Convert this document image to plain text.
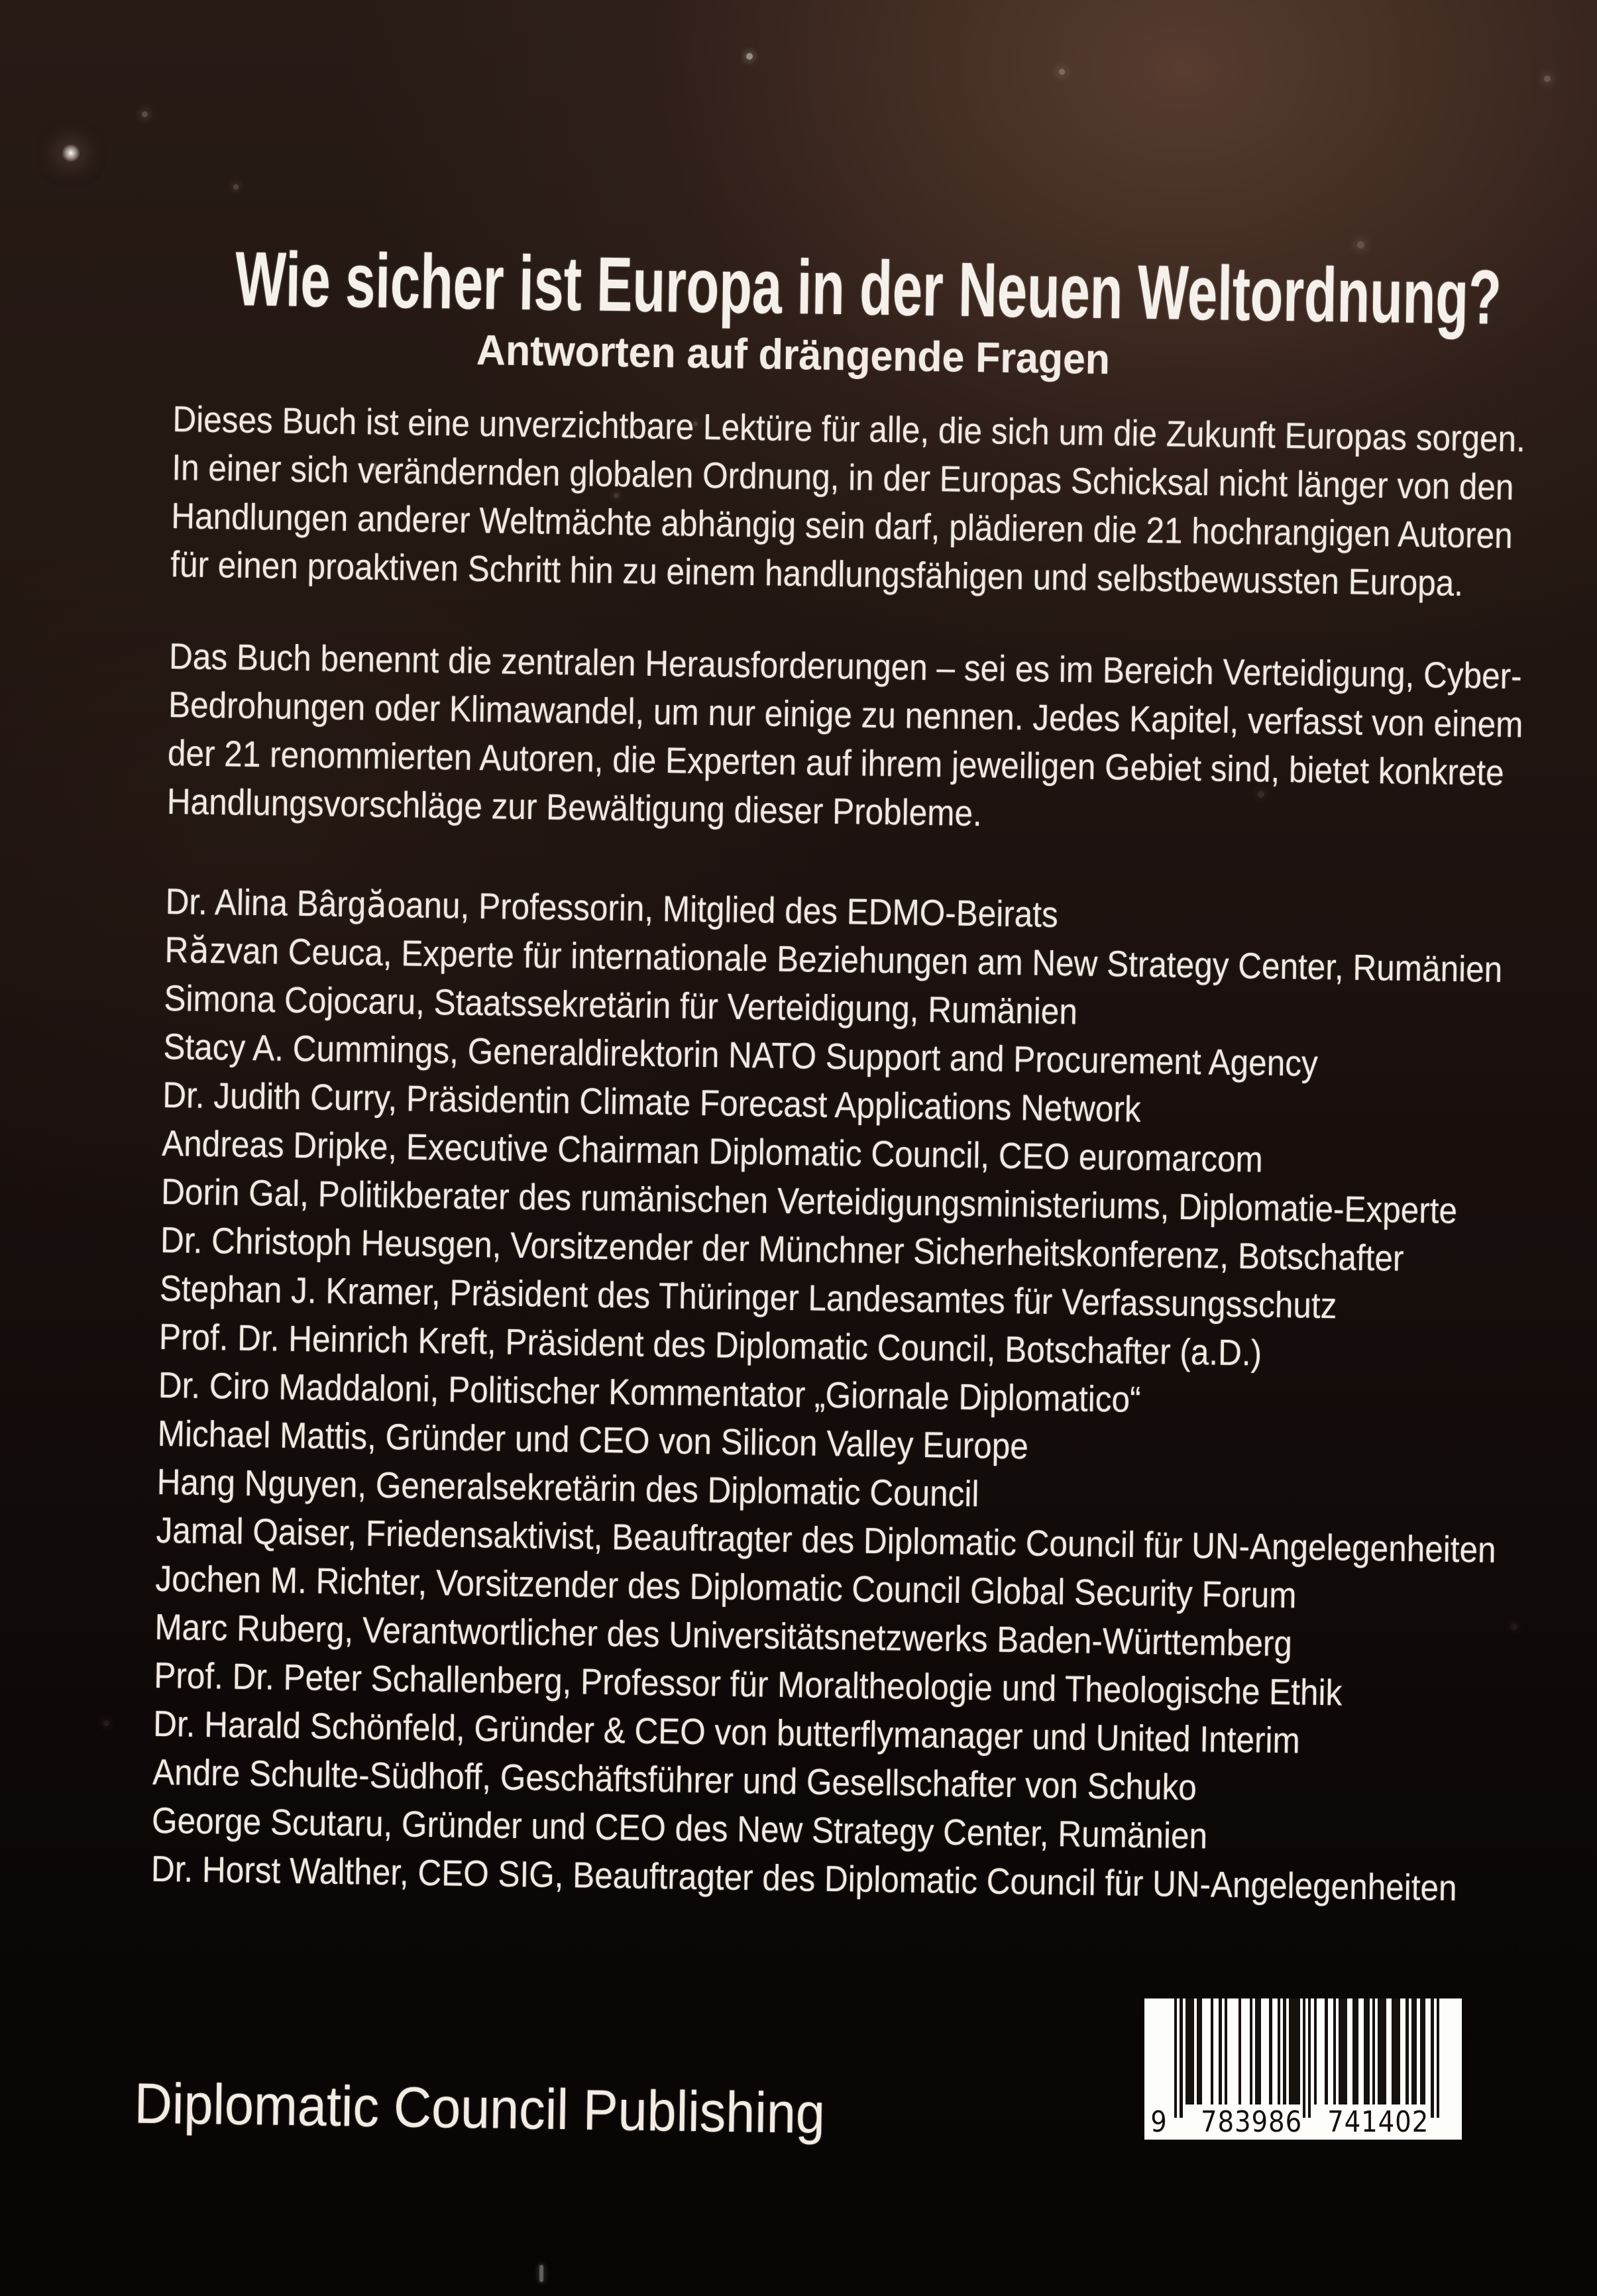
Wie sicher ist Europa in der Neuen Weltordnung?
Antworten auf drängende Fragen
Dieses Buch ist eine unverzichtbare Lektüre für alle, die sich um die Zukunft Europas sorgen.
In einer sich verändernden globalen Ordnung, in der Europas Schicksal nicht länger von den
Handlungen anderer Weltmächte abhängig sein darf, plädieren die 21 hochrangigen Autoren
für einen proaktiven Schritt hin zu einem handlungsfähigen und selbstbewussten Europa.
Das Buch benennt die zentralen Herausforderungen – sei es im Bereich Verteidigung, Cyber-
Bedrohungen oder Klimawandel, um nur einige zu nennen. Jedes Kapitel, verfasst von einem
der 21 renommierten Autoren, die Experten auf ihrem jeweiligen Gebiet sind, bietet konkrete
Handlungsvorschläge zur Bewältigung dieser Probleme.
Dr. Alina Bârgăoanu, Professorin, Mitglied des EDMO-Beirats
Răzvan Ceuca, Experte für internationale Beziehungen am New Strategy Center, Rumänien
Simona Cojocaru, Staatssekretärin für Verteidigung, Rumänien
Stacy A. Cummings, Generaldirektorin NATO Support and Procurement Agency
Dr. Judith Curry, Präsidentin Climate Forecast Applications Network
Andreas Dripke, Executive Chairman Diplomatic Council, CEO euromarcom
Dorin Gal, Politikberater des rumänischen Verteidigungsministeriums, Diplomatie-Experte
Dr. Christoph Heusgen, Vorsitzender der Münchner Sicherheitskonferenz, Botschafter
Stephan J. Kramer, Präsident des Thüringer Landesamtes für Verfassungsschutz
Prof. Dr. Heinrich Kreft, Präsident des Diplomatic Council, Botschafter (a.D.)
Dr. Ciro Maddaloni, Politischer Kommentator „Giornale Diplomatico“
Michael Mattis, Gründer und CEO von Silicon Valley Europe
Hang Nguyen, Generalsekretärin des Diplomatic Council
Jamal Qaiser, Friedensaktivist, Beauftragter des Diplomatic Council für UN-Angelegenheiten
Jochen M. Richter, Vorsitzender des Diplomatic Council Global Security Forum
Marc Ruberg, Verantwortlicher des Universitätsnetzwerks Baden-Württemberg
Prof. Dr. Peter Schallenberg, Professor für Moraltheologie und Theologische Ethik
Dr. Harald Schönfeld, Gründer & CEO von butterflymanager und United Interim
Andre Schulte-Südhoff, Geschäftsführer und Gesellschafter von Schuko
George Scutaru, Gründer und CEO des New Strategy Center, Rumänien
Dr. Horst Walther, CEO SIG, Beauftragter des Diplomatic Council für UN-Angelegenheiten
Diplomatic Council Publishing	9 783986 741402
